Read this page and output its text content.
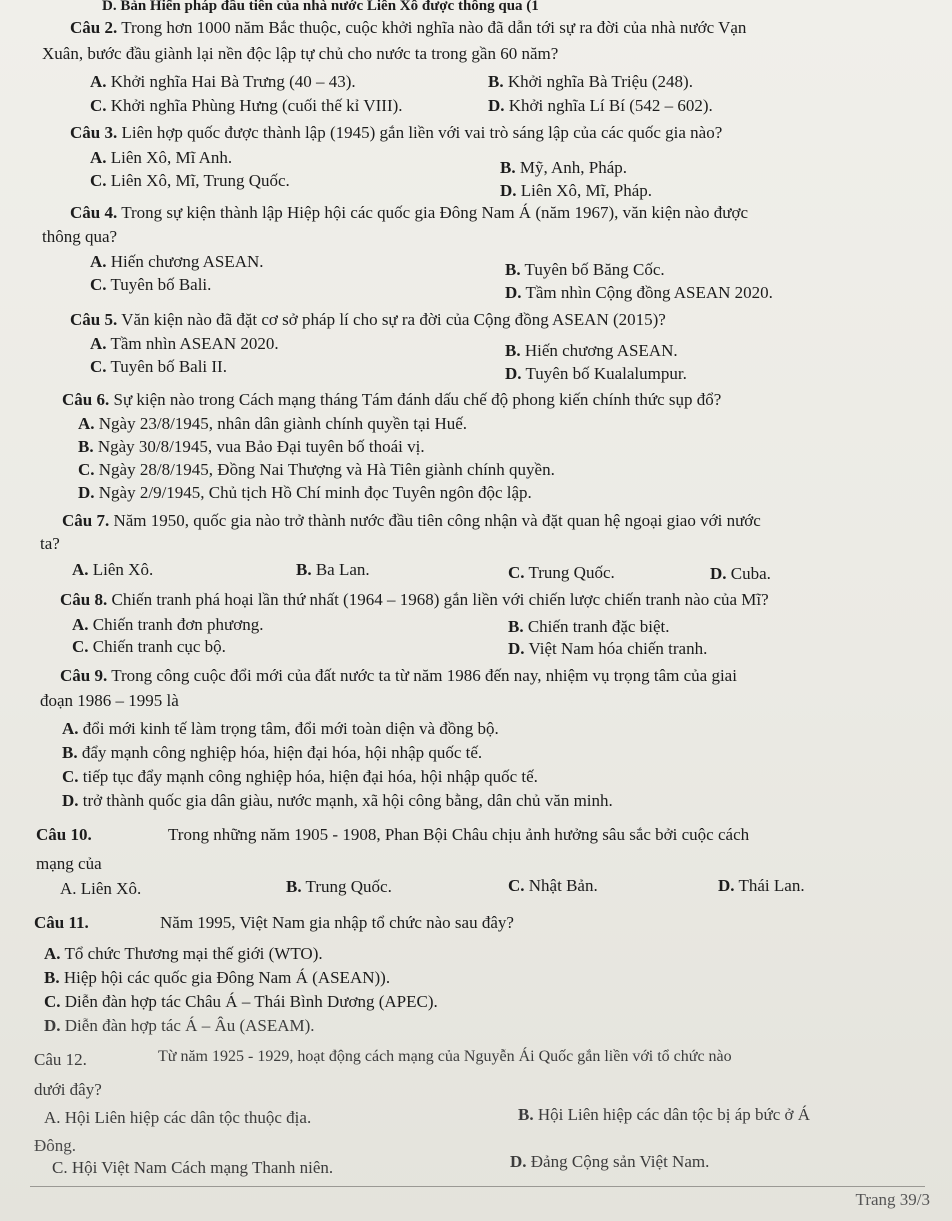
D. Bản Hiến pháp đầu tiên của nhà nước Liên Xô được thông qua (1
Câu 2. Trong hơn 1000 năm Bắc thuộc, cuộc khởi nghĩa nào đã dẫn tới sự ra đời của nhà nước Vạn
Xuân, bước đầu giành lại nền độc lập tự chủ cho nước ta trong gần 60 năm?
A. Khởi nghĩa Hai Bà Trưng (40 – 43).	B. Khởi nghĩa Bà Triệu (248).
C. Khởi nghĩa Phùng Hưng (cuối thế kỉ VIII).	D. Khởi nghĩa Lí Bí (542 – 602).
Câu 3. Liên hợp quốc được thành lập (1945) gắn liền với vai trò sáng lập của các quốc gia nào?
A. Liên Xô, Mĩ Anh.
B. Mỹ, Anh, Pháp.
C. Liên Xô, Mĩ, Trung Quốc.
D. Liên Xô, Mĩ, Pháp.
Câu 4. Trong sự kiện thành lập Hiệp hội các quốc gia Đông Nam Á (năm 1967), văn kiện nào được
thông qua?
A. Hiến chương ASEAN.	B. Tuyên bố Băng Cốc.
C. Tuyên bố Bali.	D. Tầm nhìn Cộng đồng ASEAN 2020.
Câu 5. Văn kiện nào đã đặt cơ sở pháp lí cho sự ra đời của Cộng đồng ASEAN (2015)?
A. Tầm nhìn ASEAN 2020.	B. Hiến chương ASEAN.
C. Tuyên bố Bali II.	D. Tuyên bố Kualalumpur.
Câu 6. Sự kiện nào trong Cách mạng tháng Tám đánh dấu chế độ phong kiến chính thức sụp đổ?
A. Ngày 23/8/1945, nhân dân giành chính quyền tại Huế.
B. Ngày 30/8/1945, vua Bảo Đại tuyên bố thoái vị.
C. Ngày 28/8/1945, Đồng Nai Thượng và Hà Tiên giành chính quyền.
D. Ngày 2/9/1945, Chủ tịch Hồ Chí minh đọc Tuyên ngôn độc lập.
Câu 7. Năm 1950, quốc gia nào trở thành nước đầu tiên công nhận và đặt quan hệ ngoại giao với nước
ta?
A. Liên Xô.	B. Ba Lan.	C. Trung Quốc.	D. Cuba.
Câu 8. Chiến tranh phá hoại lần thứ nhất (1964 – 1968) gắn liền với chiến lược chiến tranh nào của Mĩ?
A. Chiến tranh đơn phương.	B. Chiến tranh đặc biệt.
C. Chiến tranh cục bộ.	D. Việt Nam hóa chiến tranh.
Câu 9. Trong công cuộc đổi mới của đất nước ta từ năm 1986 đến nay, nhiệm vụ trọng tâm của giai
đoạn 1986 – 1995 là
A. đổi mới kinh tế làm trọng tâm, đổi mới toàn diện và đồng bộ.
B. đẩy mạnh công nghiệp hóa, hiện đại hóa, hội nhập quốc tế.
C. tiếp tục đẩy mạnh công nghiệp hóa, hiện đại hóa, hội nhập quốc tế.
D. trở thành quốc gia dân giàu, nước mạnh, xã hội công bằng, dân chủ văn minh.
Câu 10.	Trong những năm 1905 - 1908, Phan Bội Châu chịu ảnh hưởng sâu sắc bởi cuộc cách
mạng của
A. Liên Xô.	B. Trung Quốc.	C. Nhật Bản.	D. Thái Lan.
Câu 11.	Năm 1995, Việt Nam gia nhập tổ chức nào sau đây?
A. Tổ chức Thương mại thế giới (WTO).
B. Hiệp hội các quốc gia Đông Nam Á (ASEAN)).
C. Diễn đàn hợp tác Châu Á – Thái Bình Dương (APEC).
D. Diễn đàn hợp tác Á – Âu (ASEAM).
Câu 12.	Từ năm 1925 - 1929, hoạt động cách mạng của Nguyễn Ái Quốc gắn liền với tổ chức nào
dưới đây?
A. Hội Liên hiệp các dân tộc thuộc địa.	B. Hội Liên hiệp các dân tộc bị áp bức ở Á
Đông.
C. Hội Việt Nam Cách mạng Thanh niên.	D. Đảng Cộng sản Việt Nam.
Trang 39/3
